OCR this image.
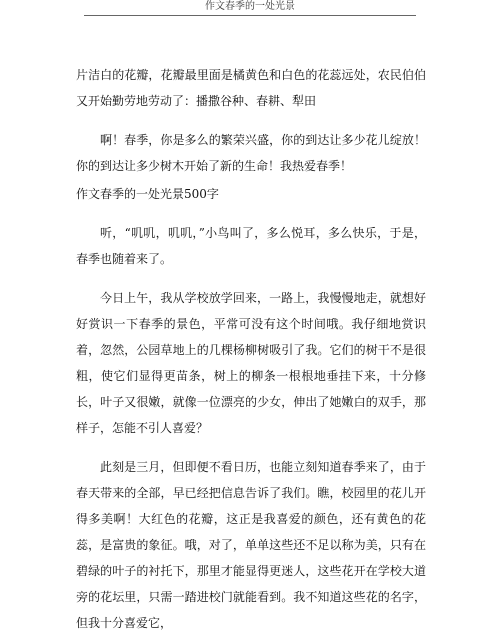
作文春季的一处光景

片洁白的花瓣，花瓣最里面是橘黄色和白色的花蕊远处，农民伯伯又开始勤劳地劳动了：播撒谷种、春耕、犁田

啊！春季，你是多么的繁荣兴盛，你的到达让多少花儿绽放！你的到达让多少树木开始了新的生命！我热爱春季！

作文春季的一处光景500字

听，“叽叽，叽叽，”小鸟叫了，多么悦耳，多么快乐，于是，春季也随着来了。

今日上午，我从学校放学回来，一路上，我慢慢地走，就想好好赏识一下春季的景色，平常可没有这个时间哦。我仔细地赏识着，忽然，公园草地上的几棵杨柳树吸引了我。它们的树干不是很粗，使它们显得更苗条，树上的柳条一根根地垂挂下来，十分修长，叶子又很嫩，就像一位漂亮的少女，伸出了她嫩白的双手，那样子，怎能不引人喜爱？

此刻是三月，但即便不看日历，也能立刻知道春季来了，由于春天带来的全部，早已经把信息告诉了我们。瞧，校园里的花儿开得多美啊！大红色的花瓣，这正是我喜爱的颜色，还有黄色的花蕊，是富贵的象征。哦，对了，单单这些还不足以称为美，只有在碧绿的叶子的衬托下，那里才能显得更迷人，这些花开在学校大道旁的花坛里，只需一踏进校门就能看到。我不知道这些花的名字，但我十分喜爱它，
